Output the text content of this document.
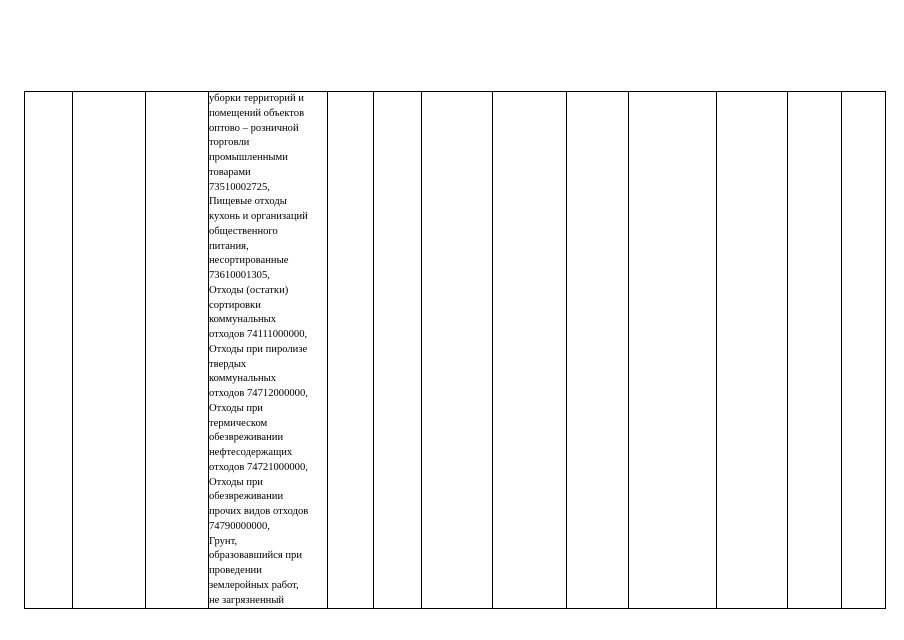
уборки территорий и
помещений объектов
оптово – розничной
торговли
промышленными
товарами
73510002725,
Пищевые отходы
кухонь и организаций
общественного
питания,
несортированные
73610001305,
Отходы (остатки)
сортировки
коммунальных
отходов 74111000000,
Отходы при пиролизе
твердых
коммунальных
отходов 74712000000,
Отходы при
термическом
обезвреживании
нефтесодержащих
отходов 74721000000,
Отходы при
обезвреживании
прочих видов отходов
74790000000,
Грунт,
образовавшийся при
проведении
землеройных работ,
не загрязненный
